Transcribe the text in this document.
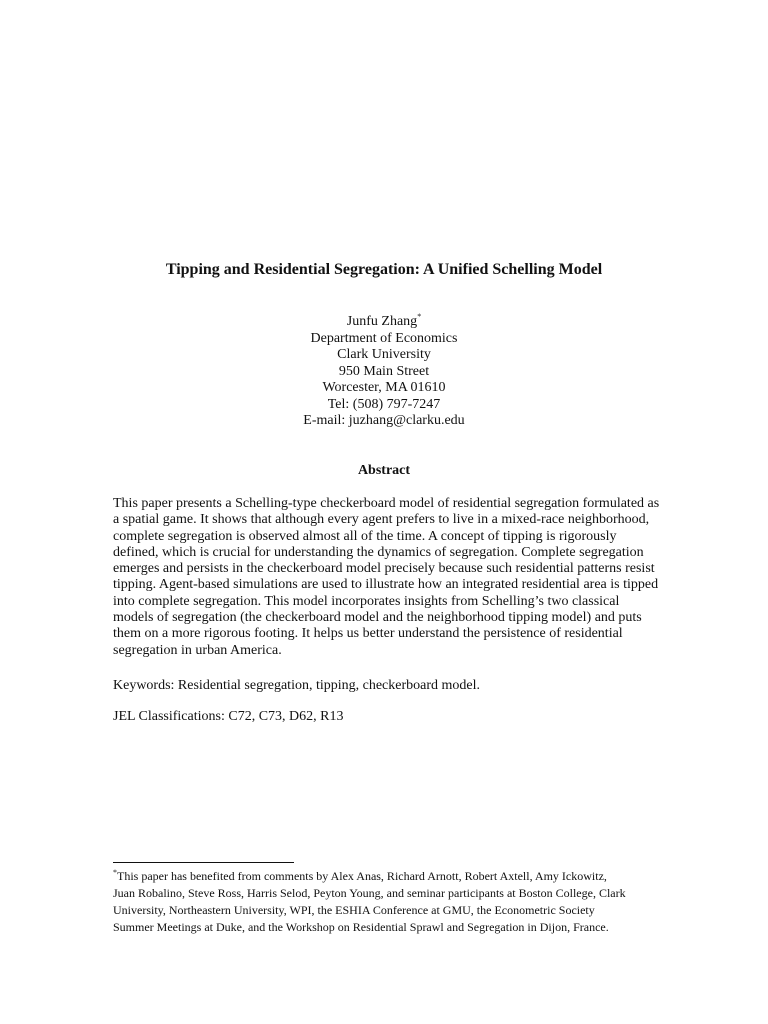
Tipping and Residential Segregation: A Unified Schelling Model
Junfu Zhang*
Department of Economics
Clark University
950 Main Street
Worcester, MA 01610
Tel: (508) 797-7247
E-mail: juzhang@clarku.edu
Abstract
This paper presents a Schelling-type checkerboard model of residential segregation formulated as
a spatial game. It shows that although every agent prefers to live in a mixed-race neighborhood,
complete segregation is observed almost all of the time. A concept of tipping is rigorously
defined, which is crucial for understanding the dynamics of segregation. Complete segregation
emerges and persists in the checkerboard model precisely because such residential patterns resist
tipping. Agent-based simulations are used to illustrate how an integrated residential area is tipped
into complete segregation. This model incorporates insights from Schelling’s two classical
models of segregation (the checkerboard model and the neighborhood tipping model) and puts
them on a more rigorous footing. It helps us better understand the persistence of residential
segregation in urban America.
Keywords: Residential segregation, tipping, checkerboard model.
JEL Classifications: C72, C73, D62, R13
*This paper has benefited from comments by Alex Anas, Richard Arnott, Robert Axtell, Amy Ickowitz,
Juan Robalino, Steve Ross, Harris Selod, Peyton Young, and seminar participants at Boston College, Clark
University, Northeastern University, WPI, the ESHIA Conference at GMU, the Econometric Society
Summer Meetings at Duke, and the Workshop on Residential Sprawl and Segregation in Dijon, France.
